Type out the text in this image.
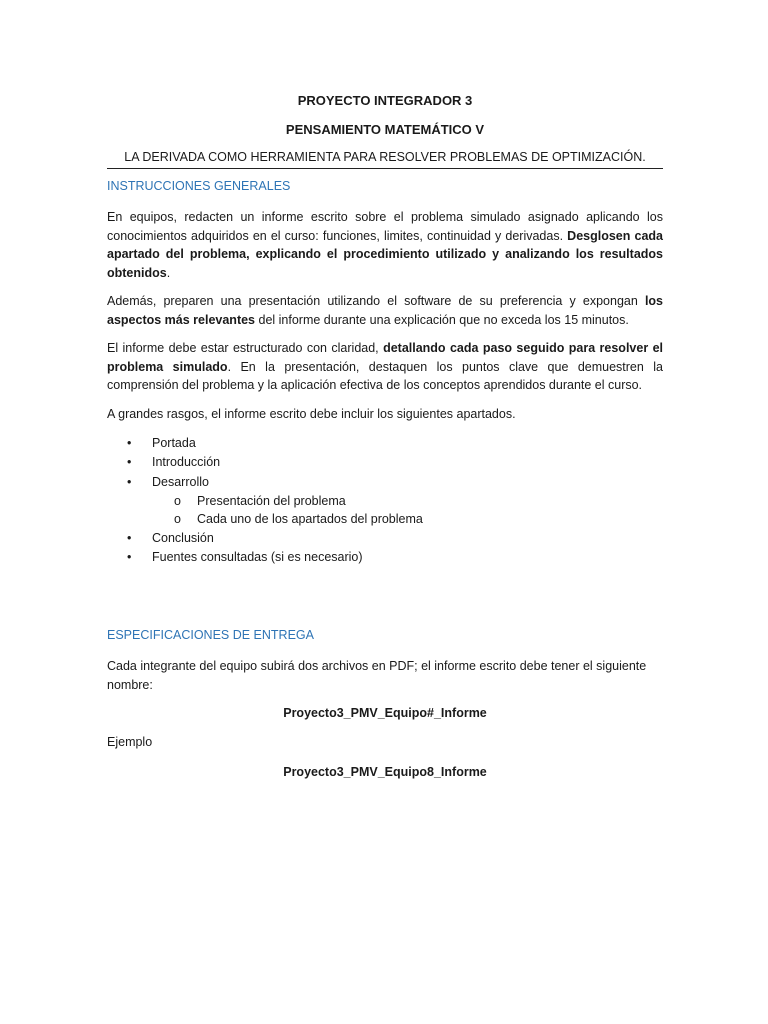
PROYECTO INTEGRADOR 3
PENSAMIENTO MATEMÁTICO V
LA DERIVADA COMO HERRAMIENTA PARA RESOLVER PROBLEMAS DE OPTIMIZACIÓN.
INSTRUCCIONES GENERALES

En equipos, redacten un informe escrito sobre el problema simulado asignado aplicando los conocimientos adquiridos en el curso: funciones, limites, continuidad y derivadas. Desglosen cada apartado del problema, explicando el procedimiento utilizado y analizando los resultados obtenidos.

Además, preparen una presentación utilizando el software de su preferencia y expongan los aspectos más relevantes del informe durante una explicación que no exceda los 15 minutos.

El informe debe estar estructurado con claridad, detallando cada paso seguido para resolver el problema simulado. En la presentación, destaquen los puntos clave que demuestren la comprensión del problema y la aplicación efectiva de los conceptos aprendidos durante el curso.

A grandes rasgos, el informe escrito debe incluir los siguientes apartados.

• Portada
• Introducción
• Desarrollo
o Presentación del problema
o Cada uno de los apartados del problema
• Conclusión
• Fuentes consultadas (si es necesario)
ESPECIFICACIONES DE ENTREGA

Cada integrante del equipo subirá dos archivos en PDF; el informe escrito debe tener el siguiente nombre:

Proyecto3_PMV_Equipo#_Informe

Ejemplo

Proyecto3_PMV_Equipo8_Informe
